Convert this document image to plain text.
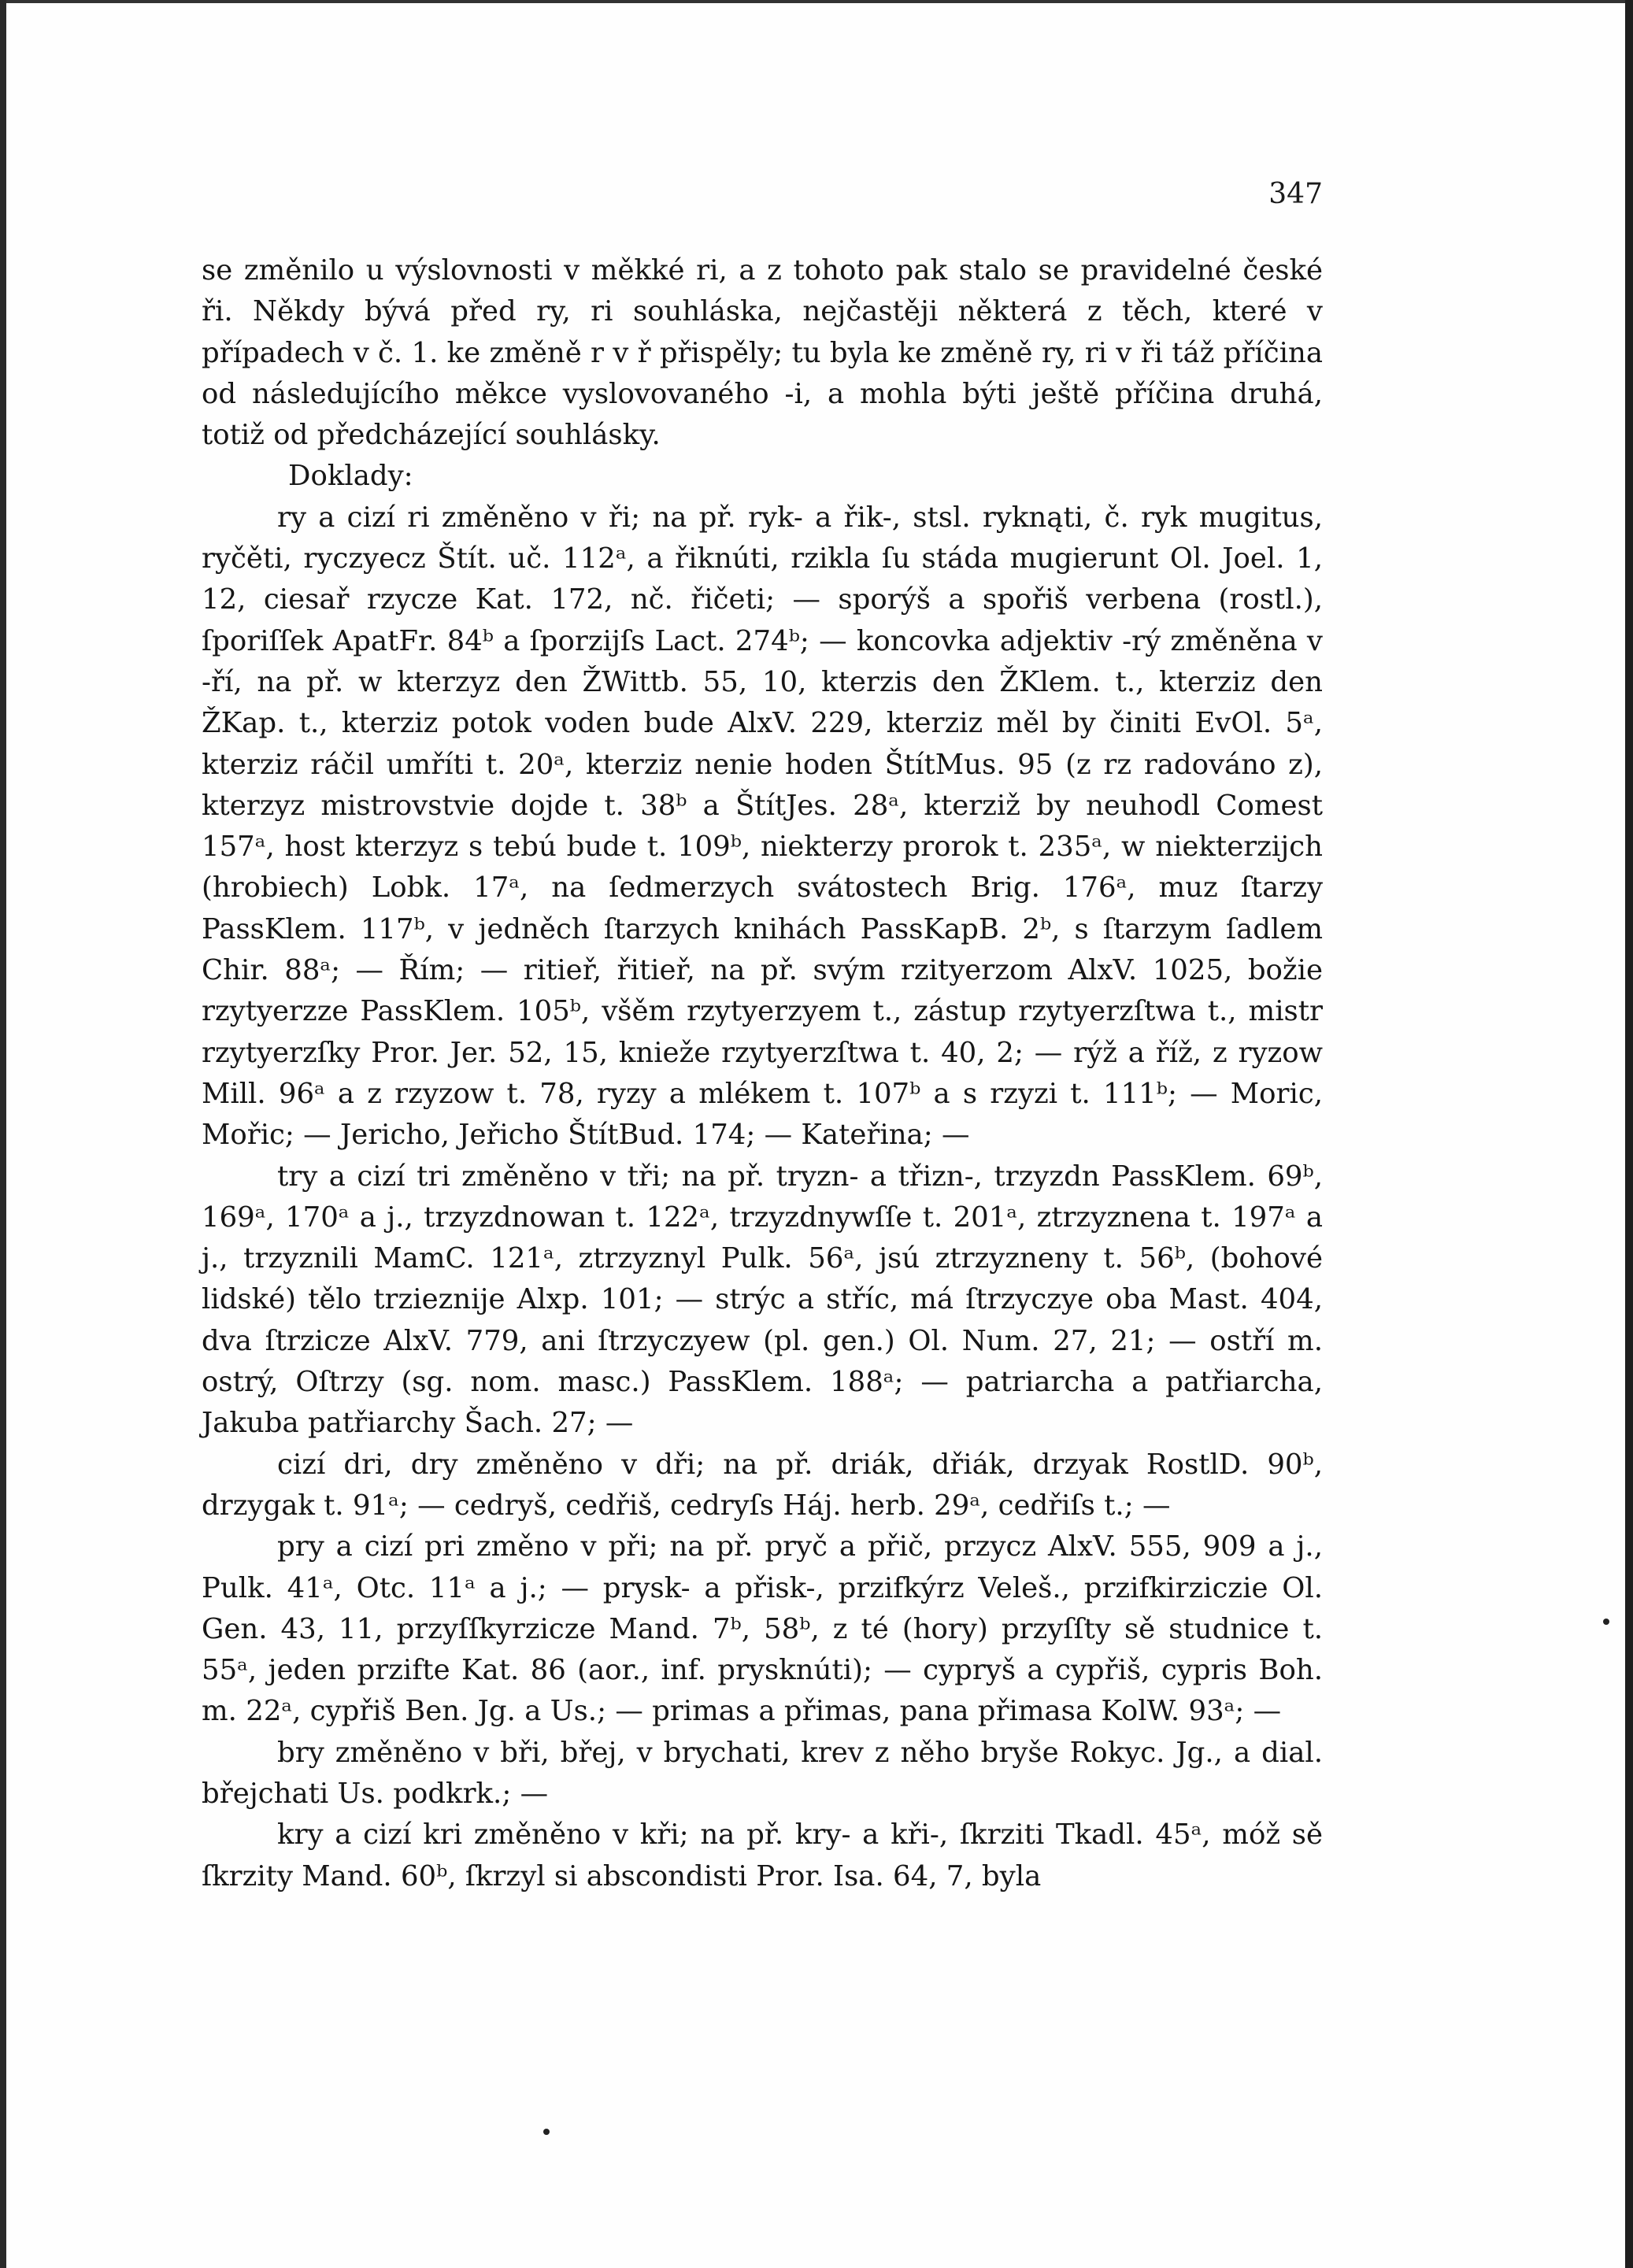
347

se změnilo u výslovnosti v měkké ri, a z tohoto pak stalo se pravidelné české ři. Někdy bývá před ry, ri souhláska, nejčastěji některá z těch, které v případech v č. 1. ke změně r v ř přispěly; tu byla ke změně ry, ri v ři táž příčina od následujícího měkce vyslovovaného -i, a mohla býti ještě příčina druhá, totiž od předcházející souhlásky.

Doklady:

ry a cizí ri změněno v ři; na př. ryk- a řik-, stsl. ryknąti, č. ryk mugitus, ryčěti, ryczyecz Štít. uč. 112ᵃ, a řiknúti, rzikla ſu stáda mugierunt Ol. Joel. 1, 12, ciesař rzycze Kat. 172, nč. řičeti; — sporýš a spořiš verbena (rostl.), ſporiſſek ApatFr. 84ᵇ a ſporzijſs Lact. 274ᵇ; — koncovka adjektiv -rý změněna v -ří, na př. w kterzyz den ŽWittb. 55, 10, kterzis den ŽKlem. t., kterziz den ŽKap. t., kterziz potok voden bude AlxV. 229, kterziz měl by činiti EvOl. 5ᵃ, kterziz ráčil umříti t. 20ᵃ, kterziz nenie hoden ŠtítMus. 95 (z rz radováno z), kterzyz mistrovstvie dojde t. 38ᵇ a ŠtítJes. 28ᵃ, kterziž by neuhodl Comest 157ᵃ, host kterzyz s tebú bude t. 109ᵇ, niekterzy prorok t. 235ᵃ, w niekterzijch (hrobiech) Lobk. 17ᵃ, na ſedmerzych svátostech Brig. 176ᵃ, muz ſtarzy PassKlem. 117ᵇ, v jedněch ſtarzych knihách PassKapB. 2ᵇ, s ſtarzym ſadlem Chir. 88ᵃ; — Řím; — ritieř, řitieř, na př. svým rzityerzom AlxV. 1025, božie rzytyerzze PassKlem. 105ᵇ, všěm rzytyerzyem t., zástup rzytyerzſtwa t., mistr rzytyerzſky Pror. Jer. 52, 15, knieže rzytyerzſtwa t. 40, 2; — rýž a říž, z ryzow Mill. 96ᵃ a z rzyzow t. 78, ryzy a mlékem t. 107ᵇ a s rzyzi t. 111ᵇ; — Moric, Mořic; — Jericho, Jeřicho ŠtítBud. 174; — Kateřina; —

try a cizí tri změněno v tři; na př. tryzn- a třizn-, trzyzdn PassKlem. 69ᵇ, 169ᵃ, 170ᵃ a j., trzyzdnowan t. 122ᵃ, trzyzdnywſſe t. 201ᵃ, ztrzyznena t. 197ᵃ a j., trzyznili MamC. 121ᵃ, ztrzyznyl Pulk. 56ᵃ, jsú ztrzyzneny t. 56ᵇ, (bohové lidské) tělo trzieznije Alxp. 101; — strýc a stříc, má ſtrzyczye oba Mast. 404, dva ſtrzicze AlxV. 779, ani ſtrzyczyew (pl. gen.) Ol. Num. 27, 21; — ostří m. ostrý, Oſtrzy (sg. nom. masc.) PassKlem. 188ᵃ; — patriarcha a patřiarcha, Jakuba patřiarchy Šach. 27; —

cizí dri, dry změněno v dři; na př. driák, dřiák, drzyak RostlD. 90ᵇ, drzygak t. 91ᵃ; — cedryš, cedřiš, cedryſs Háj. herb. 29ᵃ, cedřiſs t.; —

pry a cizí pri změno v při; na př. pryč a přič, przycz AlxV. 555, 909 a j., Pulk. 41ᵃ, Otc. 11ᵃ a j.; — prysk- a přisk-, przifkýrz Veleš., przifkirziczie Ol. Gen. 43, 11, przyſſkyrzicze Mand. 7ᵇ, 58ᵇ, z té (hory) przyſſty sě studnice t. 55ᵃ, jeden przifte Kat. 86 (aor., inf. prysknúti); — cypryš a cypřiš, cypris Boh. m. 22ᵃ, cypřiš Ben. Jg. a Us.; — primas a přimas, pana přimasa KolW. 93ᵃ; —

bry změněno v bři, břej, v brychati, krev z něho bryše Rokyc. Jg., a dial. břejchati Us. podkrk.; —

kry a cizí kri změněno v kři; na př. kry- a kři-, ſkrziti Tkadl. 45ᵃ, móž sě ſkrzity Mand. 60ᵇ, ſkrzyl si abscondisti Pror. Isa. 64, 7, byla
